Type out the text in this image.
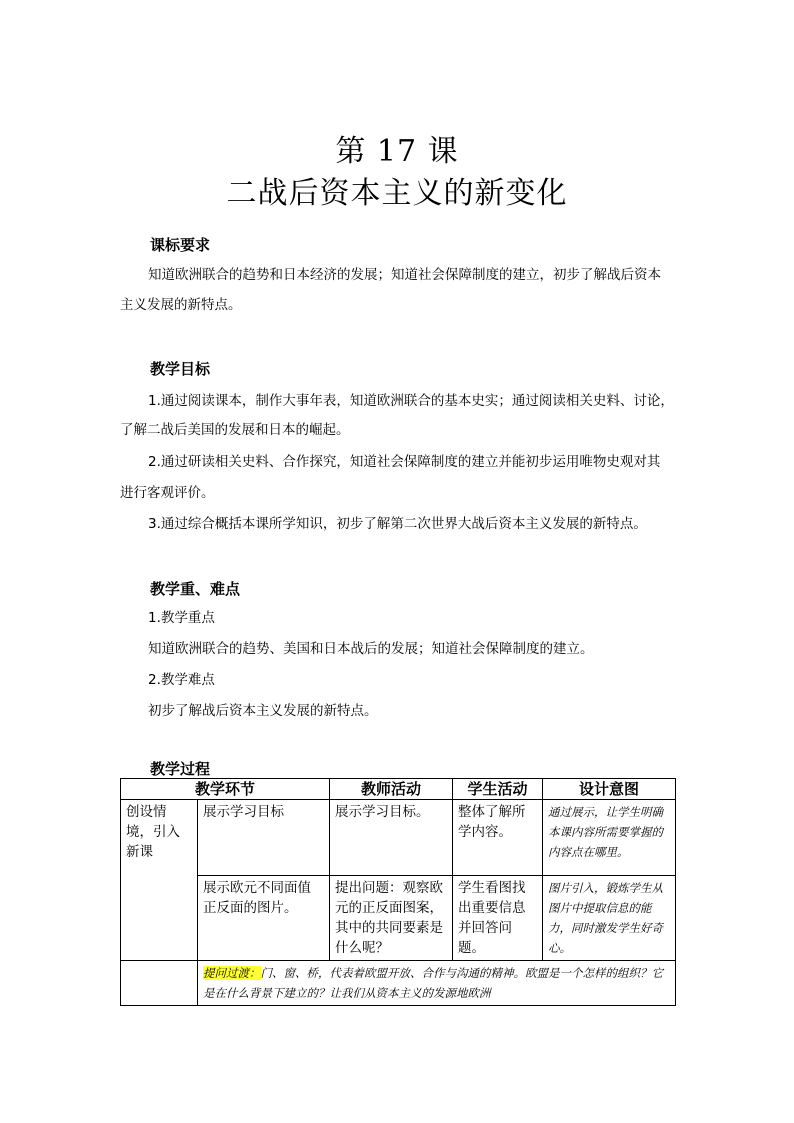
第 17 课
二战后资本主义的新变化
课标要求
知道欧洲联合的趋势和日本经济的发展；知道社会保障制度的建立，初步了解战后资本
主义发展的新特点。
教学目标
1.通过阅读课本，制作大事年表，知道欧洲联合的基本史实；通过阅读相关史料、讨论，
了解二战后美国的发展和日本的崛起。
2.通过研读相关史料、合作探究，知道社会保障制度的建立并能初步运用唯物史观对其
进行客观评价。
3.通过综合概括本课所学知识，初步了解第二次世界大战后资本主义发展的新特点。
教学重、难点
1.教学重点
知道欧洲联合的趋势、美国和日本战后的发展；知道社会保障制度的建立。
2.教学难点
初步了解战后资本主义发展的新特点。
教学过程
教学环节		教师活动	学生活动	设计意图
创设情境，引入新课	展示学习目标	展示学习目标。	整体了解所学内容。	通过展示，让学生明确本课内容所需要掌握的内容点在哪里。
	展示欧元不同面值正反面的图片。	提出问题：观察欧元的正反面图案，其中的共同要素是什么呢？	学生看图找出重要信息并回答问题。	图片引入，锻炼学生从图片中提取信息的能力，同时激发学生好奇心。
	提问过渡：门、窗、桥，代表着欧盟开放、合作与沟通的精神。欧盟是一个怎样的组织？它是在什么背景下建立的？让我们从资本主义的发源地欧洲			
